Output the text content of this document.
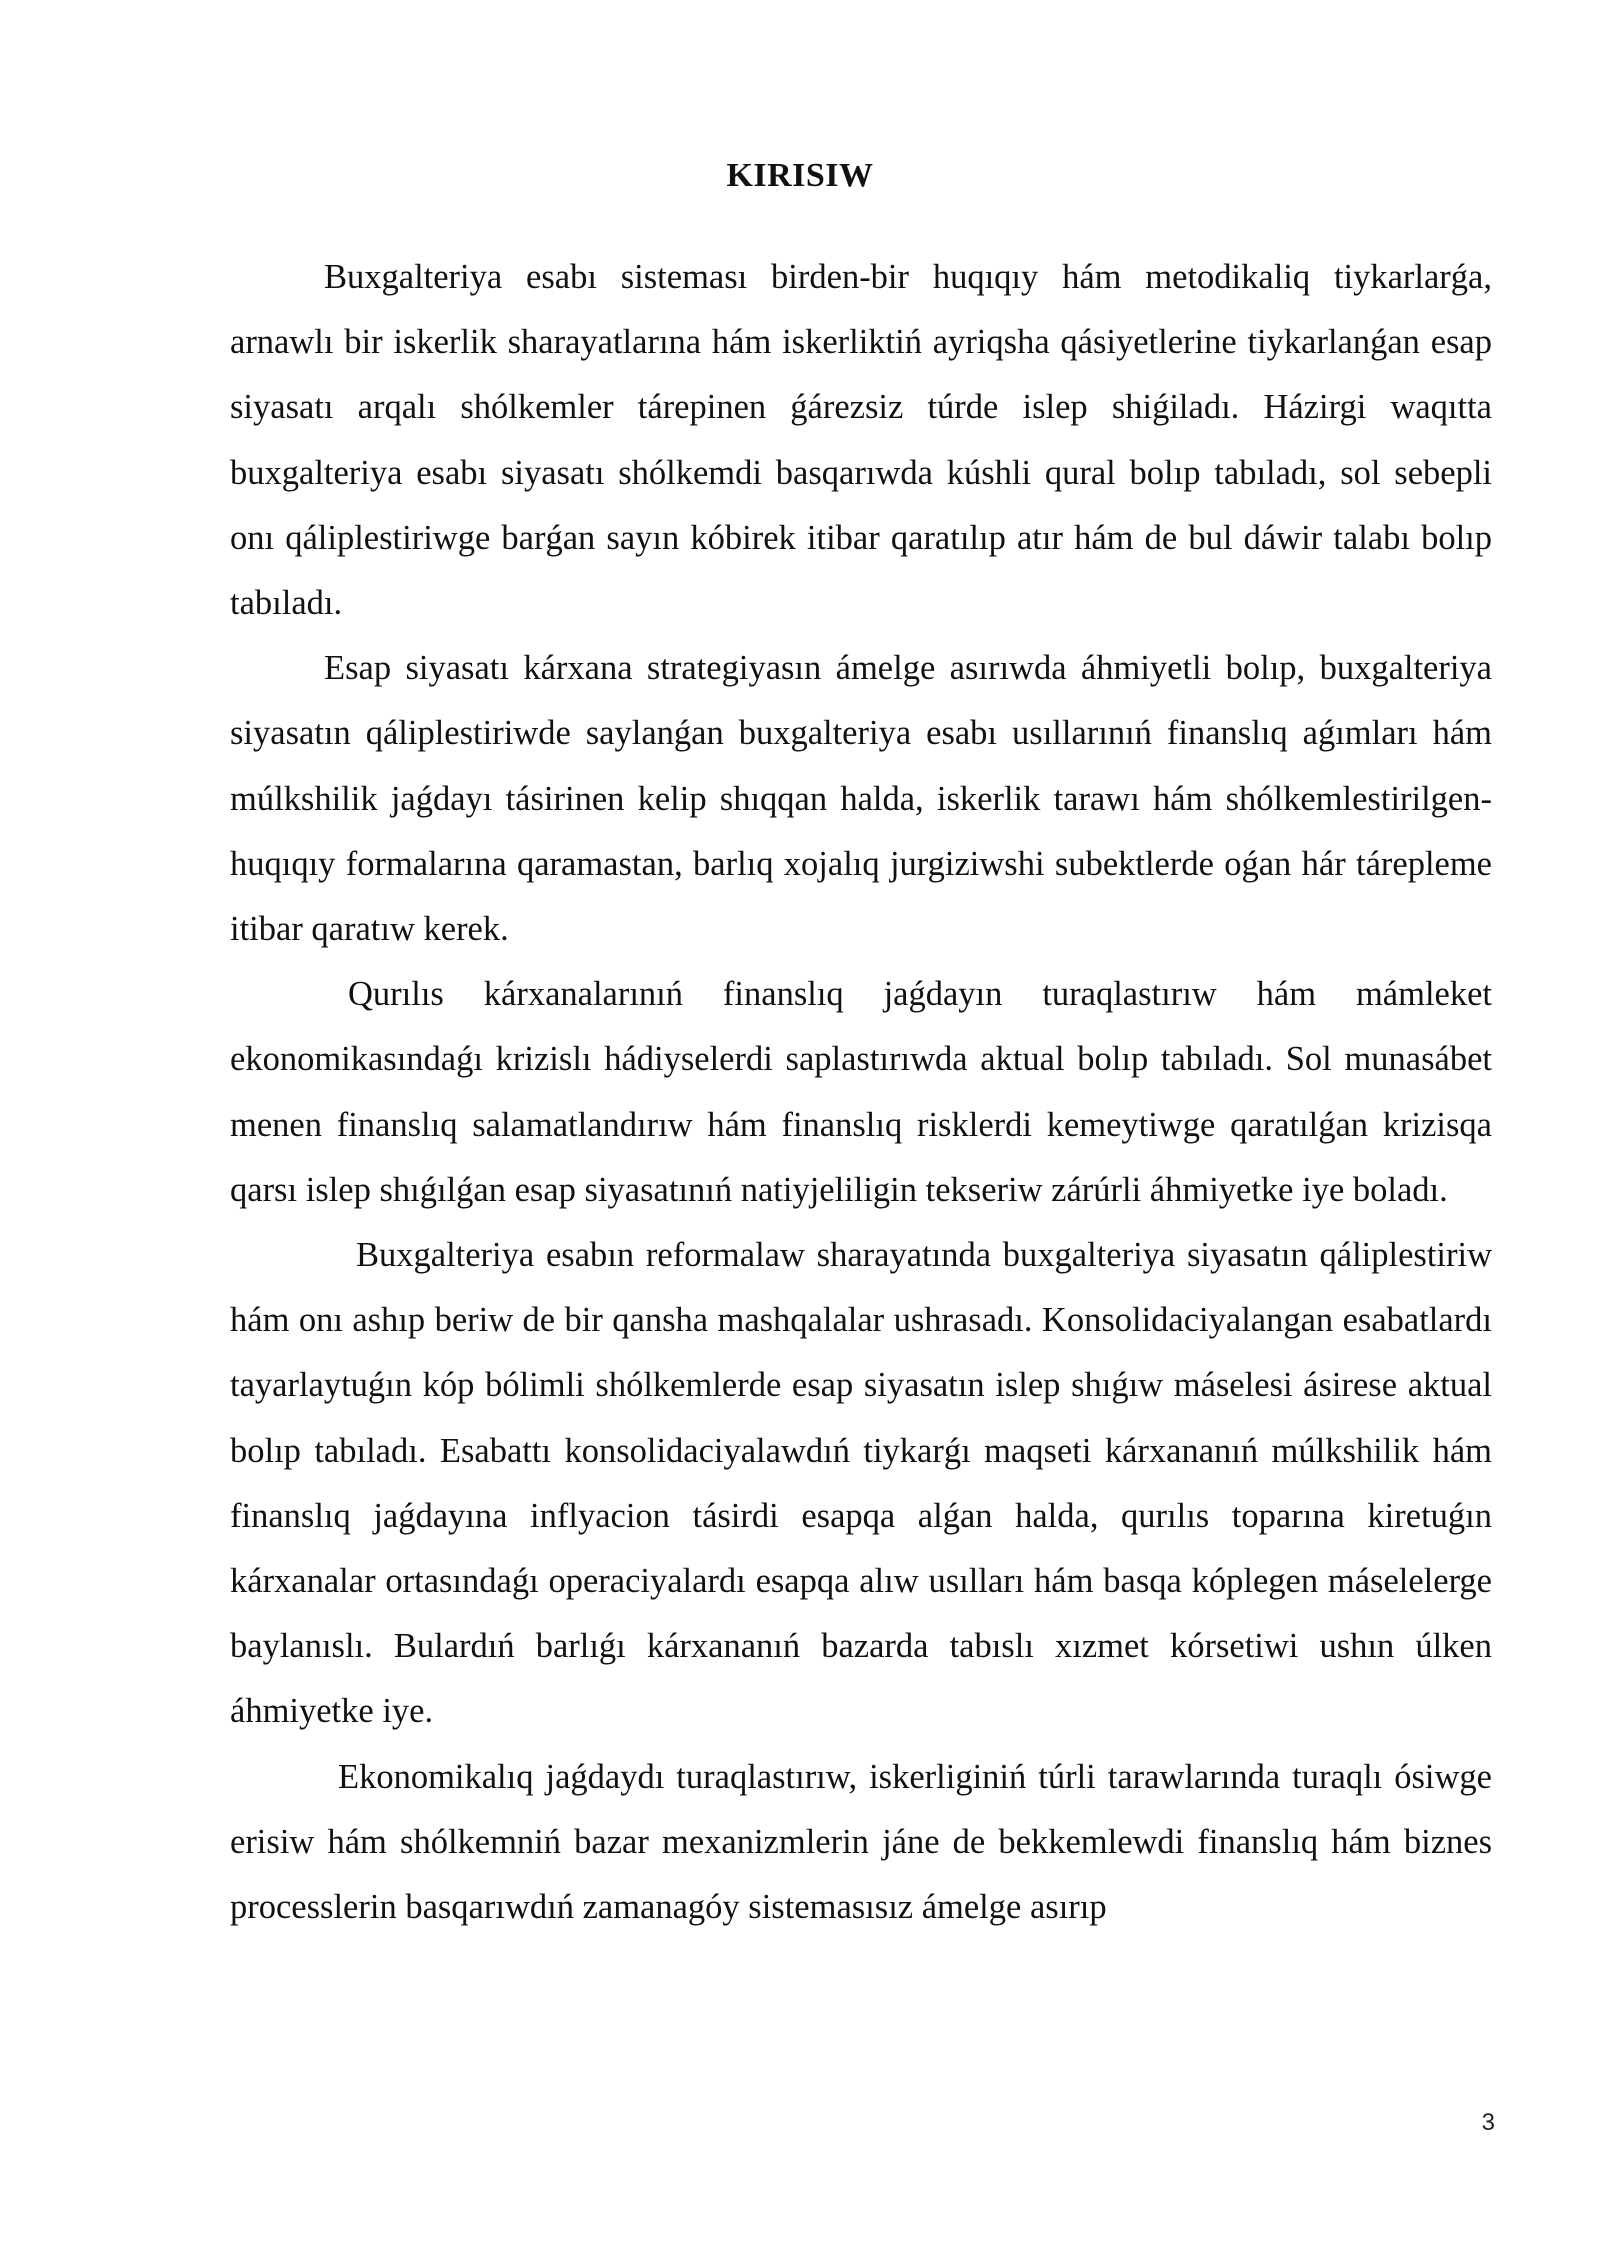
KIRISIW

Buxgalteriya esabı sisteması birden-bir huqıqıy hám metodikaliq tiykarlarǵa, arnawlı bir iskerlik sharayatlarına hám iskerliktiń ayriqsha qásiyetlerine tiykarlanǵan esap siyasatı arqalı shólkemler tárepinen ǵárezsiz túrde islep shiǵiladı. Házirgi waqıtta buxgalteriya esabı siyasatı shólkemdi basqarıwda kúshli qural bolıp tabıladı, sol sebepli onı qáliplestiriwge barǵan sayın kóbirek itibar qaratılıp atır hám de bul dáwir talabı bolıp tabıladı.

Esap siyasatı kárxana strategiyasın ámelge asırıwda áhmiyetli bolıp, buxgalteriya siyasatın qáliplestiriwde saylanǵan buxgalteriya esabı usıllarınıń finanslıq aǵımları hám múlkshilik jaǵdayı tásirinen kelip shıqqan halda, iskerlik tarawı hám shólkemlestirilgen-huqıqıy formalarına qaramastan, barlıq xojalıq jurgiziwshi subektlerde oǵan hár tárepleme itibar qaratıw kerek.

Qurılıs kárxanalarınıń finanslıq jaǵdayın turaqlastırıw hám mámleket ekonomikasındaǵı krizislı hádiyselerdi saplastırıwda aktual bolıp tabıladı. Sol munasábet menen finanslıq salamatlandırıw hám finanslıq risklerdi kemeytiwge qaratılǵan krizisqa qarsı islep shıǵılǵan esap siyasatınıń natiyjeliligin tekseriw zárúrli áhmiyetke iye boladı.

Buxgalteriya esabın reformalaw sharayatında buxgalteriya siyasatın qáliplestiriw hám onı ashıp beriw de bir qansha mashqalalar ushrasadı. Konsolidaciyalangan esabatlardı tayarlaytuǵın kóp bólimli shólkemlerde esap siyasatın islep shıǵıw máselesi ásirese aktual bolıp tabıladı. Esabattı konsolidaciyalawdıń tiykarǵı maqseti kárxananıń múlkshilik hám finanslıq jaǵdayına inflyacion tásirdi esapqa alǵan halda, qurılıs toparına kiretuǵın kárxanalar ortasındaǵı operaciyalardı esapqa alıw usılları hám basqa kóplegen máselelerge baylanıslı. Bulardıń barlıǵı kárxananıń bazarda tabıslı xızmet kórsetiwi ushın úlken áhmiyetke iye.

Ekonomikalıq jaǵdaydı turaqlastırıw, iskerliginiń túrli tarawlarında turaqlı ósiwge erisiw hám shólkemniń bazar mexanizmlerin jáne de bekkemlewdi finanslıq hám biznes processlerin basqarıwdıń zamanagóy sistemasısız ámelge asırıp

3
